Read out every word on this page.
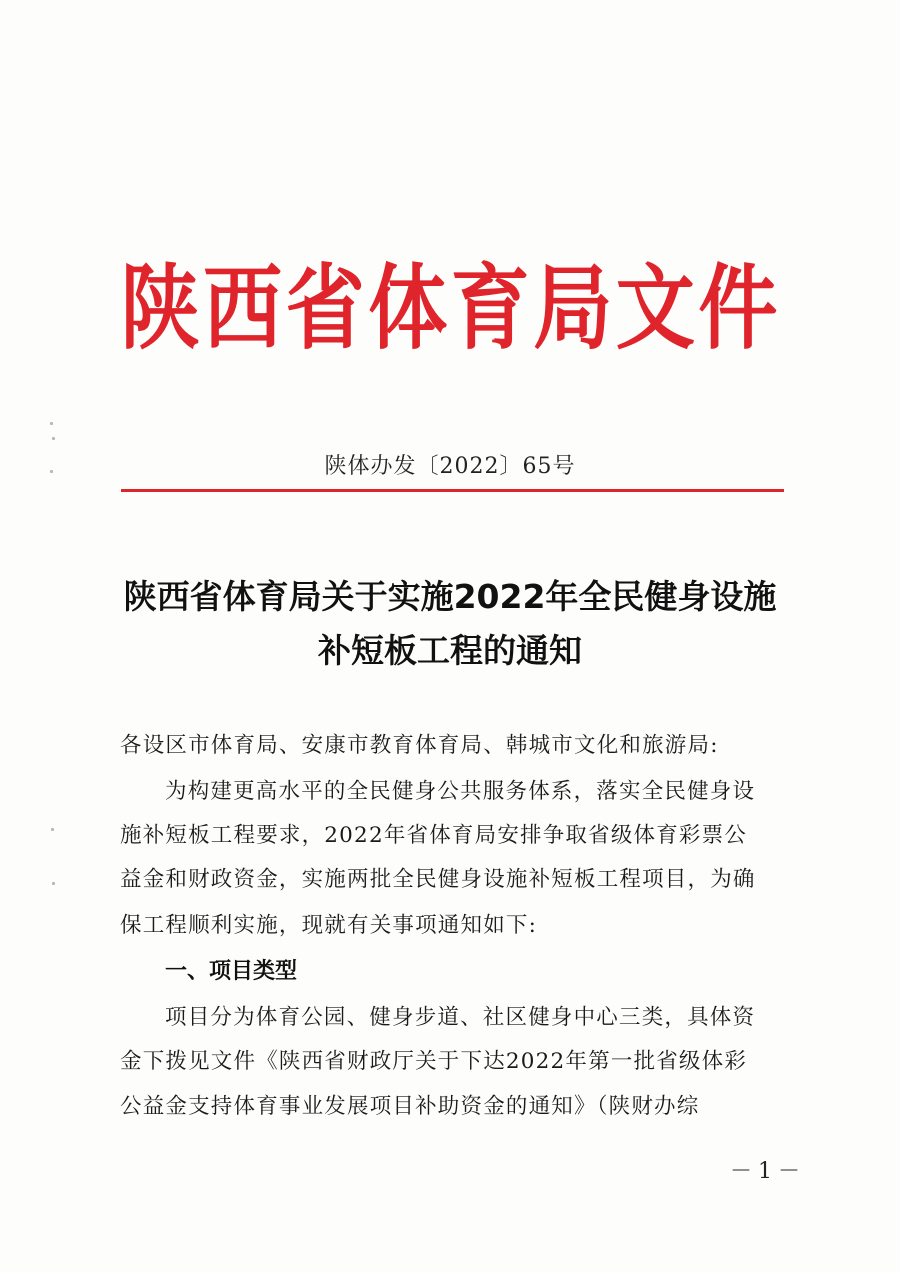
陕西省体育局文件
陕体办发〔2022〕65号
陕西省体育局关于实施2022年全民健身设施
补短板工程的通知
各设区市体育局、安康市教育体育局、韩城市文化和旅游局:
为构建更高水平的全民健身公共服务体系，落实全民健身设
施补短板工程要求，2022年省体育局安排争取省级体育彩票公
益金和财政资金，实施两批全民健身设施补短板工程项目，为确
保工程顺利实施，现就有关事项通知如下:
一、项目类型
项目分为体育公园、健身步道、社区健身中心三类，具体资
金下拨见文件《陕西省财政厅关于下达2022年第一批省级体彩
公益金支持体育事业发展项目补助资金的通知》（陕财办综
－1－
